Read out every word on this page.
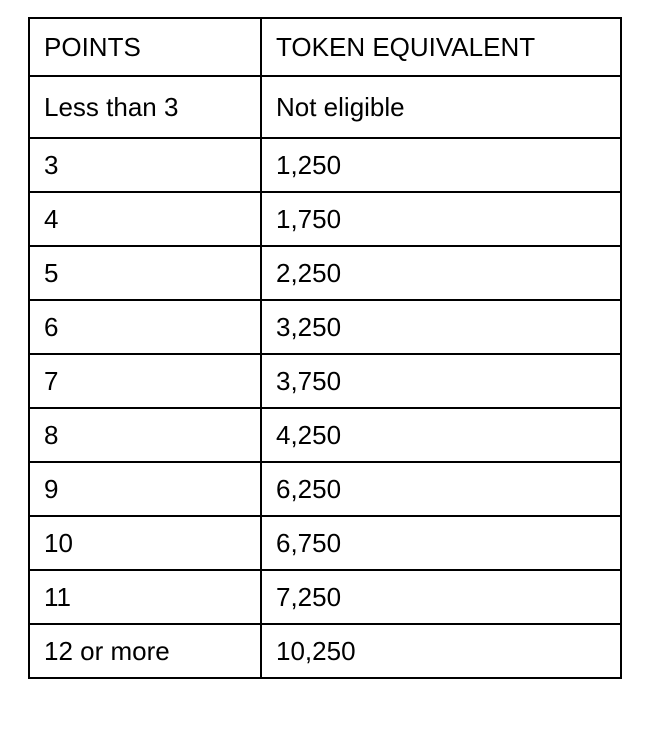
POINTS	TOKEN EQUIVALENT
Less than 3	Not eligible
3	1,250
4	1,750
5	2,250
6	3,250
7	3,750
8	4,250
9	6,250
10	6,750
11	7,250
12 or more	10,250
